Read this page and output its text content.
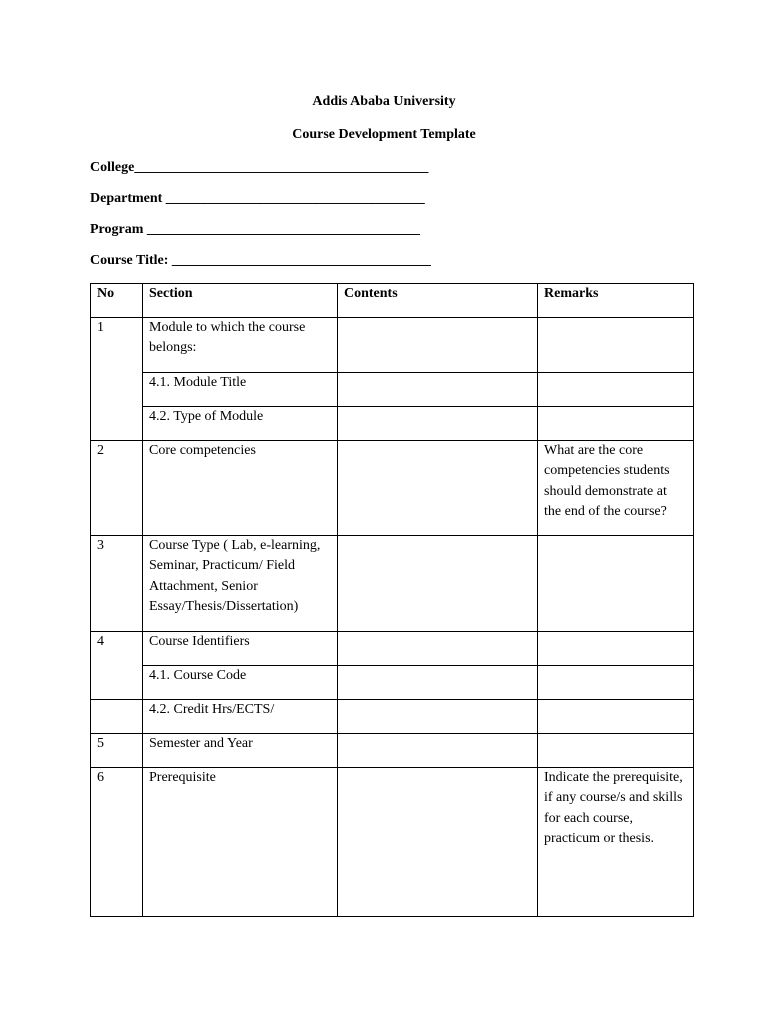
Addis Ababa University
Course Development Template
College__________________________________________
Department _____________________________________
Program _______________________________________
Course Title: _____________________________________
No	Section	Contents	Remarks
1	Module to which the course belongs:		
	4.1. Module Title		
	4.2. Type of Module		
2	Core competencies		What are the core competencies students should demonstrate at the end of the course?
3	Course Type ( Lab, e-learning, Seminar, Practicum/ Field Attachment, Senior Essay/Thesis/Dissertation)		
4	Course Identifiers		
	4.1. Course Code		
	4.2. Credit Hrs/ECTS/		
5	Semester and Year		
6	Prerequisite		Indicate the prerequisite, if any course/s and skills for each course, practicum or thesis.
